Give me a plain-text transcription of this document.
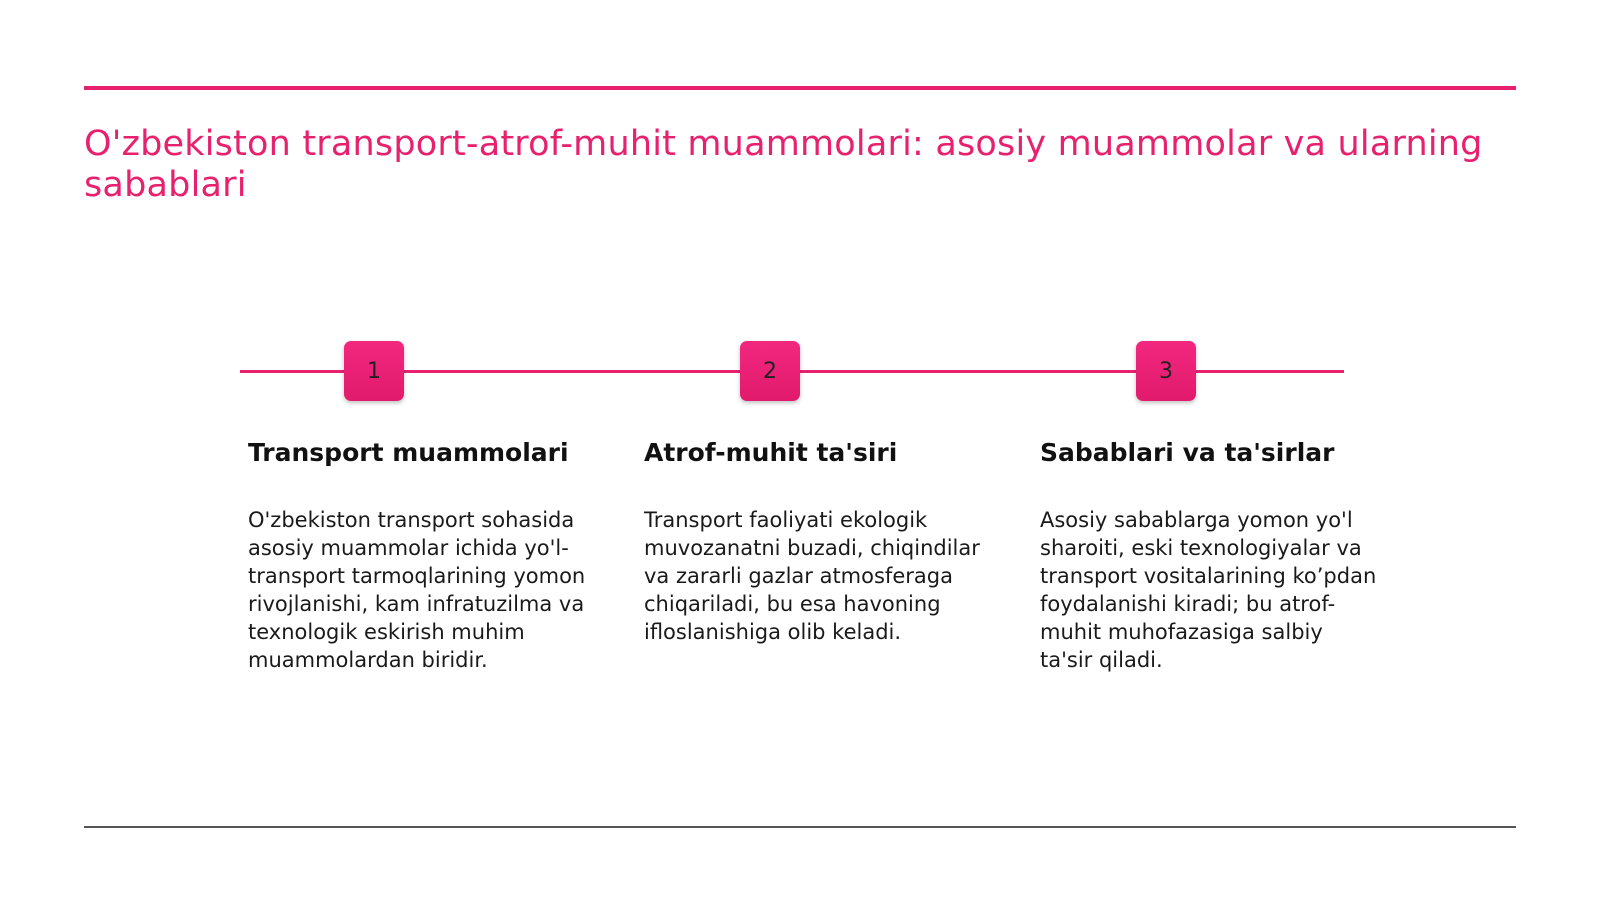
O'zbekiston transport-atrof-muhit muammolari: asosiy muammolar va ularning sabablari
1	2	3
Transport muammolari

O'zbekiston transport sohasida asosiy muammolar ichida yo'l-transport tarmoqlarining yomon rivojlanishi, kam infratuzilma va texnologik eskirish muhim muammolardan biridir.

Atrof-muhit ta'siri

Transport faoliyati ekologik muvozanatni buzadi, chiqindilar va zararli gazlar atmosferaga chiqariladi, bu esa havoning ifloslanishiga olib keladi.

Sabablari va ta'sirlar

Asosiy sabablarga yomon yo'l sharoiti, eski texnologiyalar va transport vositalarining ko’pdan foydalanishi kiradi; bu atrof-muhit muhofazasiga salbiy ta'sir qiladi.
